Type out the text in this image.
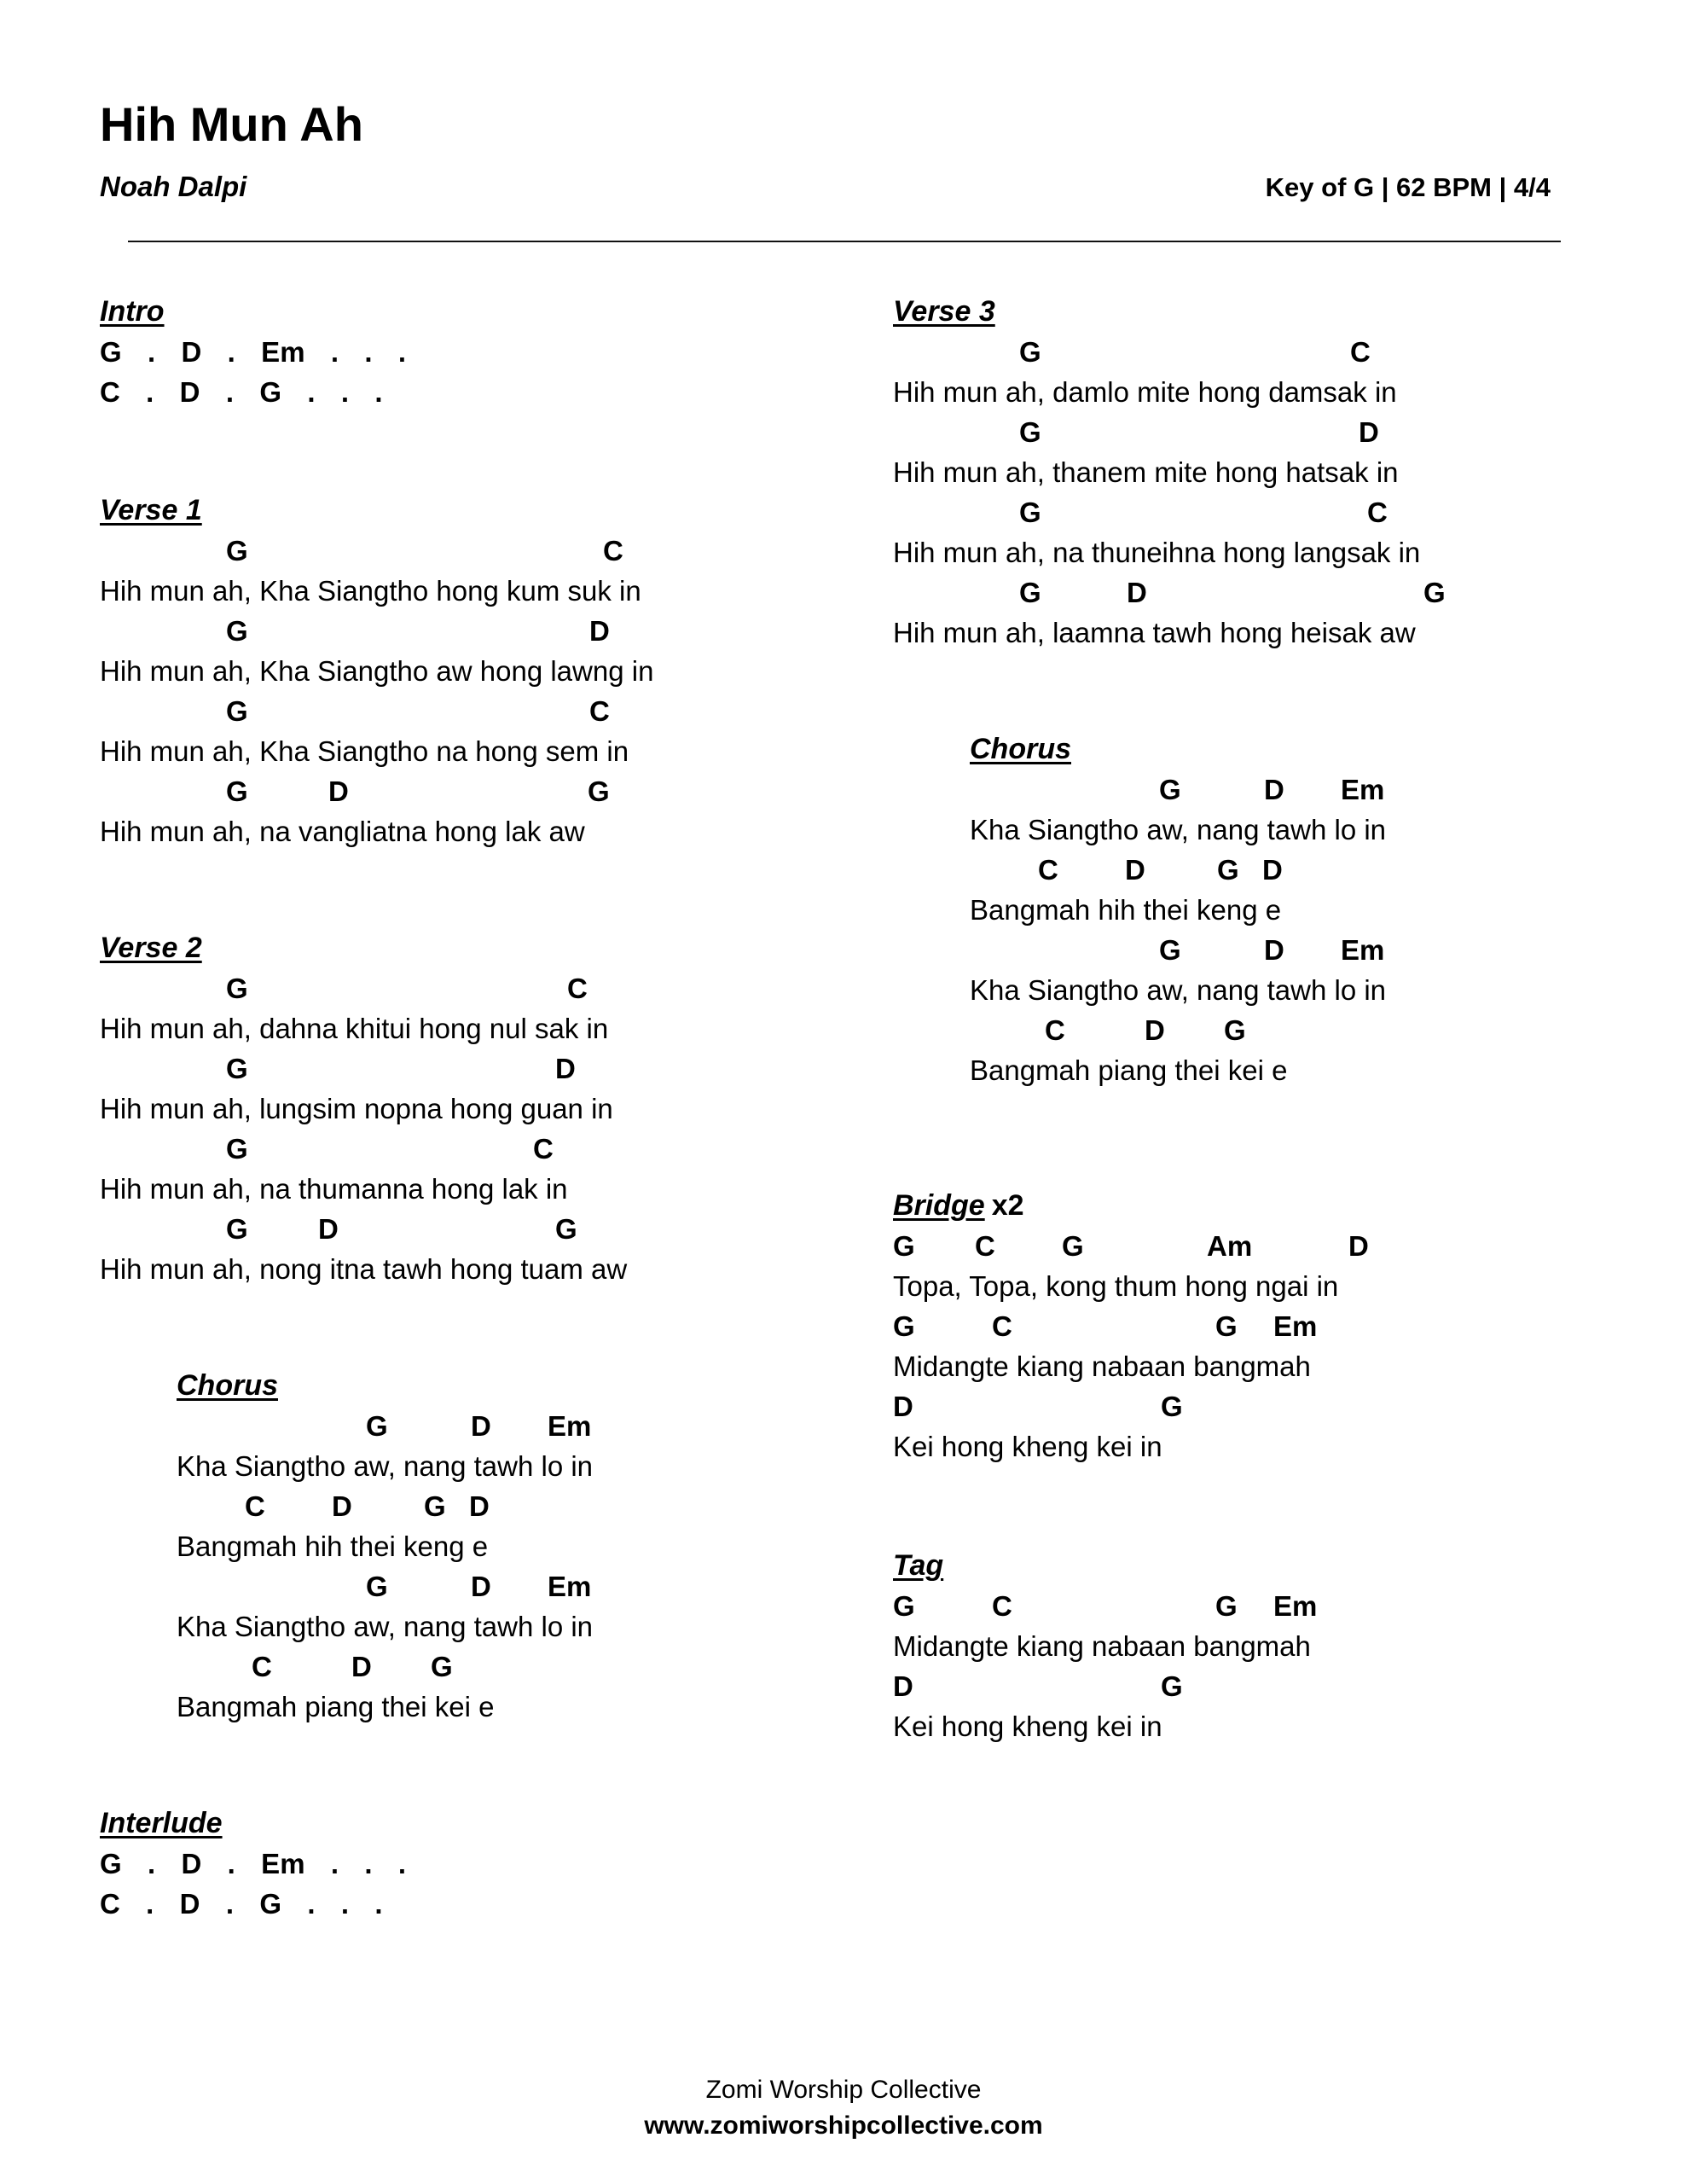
Hih Mun Ah
Noah Dalpi	Key of G | 62 BPM | 4/4
Intro
G  .  D  .  Em  .  .  .
C  .  D  .  G  .  .  .
Verse 1
G	C
Hih mun ah, Kha Siangtho hong kum suk in
G	D
Hih mun ah, Kha Siangtho aw hong lawng in
G	C
Hih mun ah, Kha Siangtho na hong sem in
G	D	G
Hih mun ah, na vangliatna hong lak aw
Verse 2
G	C
Hih mun ah, dahna khitui hong nul sak in
G	D
Hih mun ah, lungsim nopna hong guan in
G	C
Hih mun ah, na thumanna hong lak in
G D	G
Hih mun ah, nong itna tawh hong tuam aw
Chorus
G	D Em
Kha Siangtho aw, nang tawh lo in
C D	G D
Bangmah hih thei keng e
G	D Em
Kha Siangtho aw, nang tawh lo in
C	D G
Bangmah piang thei kei e
Interlude
G  .  D  .  Em  .  .  .
C  .  D  .  G  .  .  .
Verse 3
G	C
Hih mun ah, damlo mite hong damsak in
G	D
Hih mun ah, thanem mite hong hatsak in
G	C
Hih mun ah, na thuneihna hong langsak in
G	D	G
Hih mun ah, laamna tawh hong heisak aw
Chorus
G	D Em
Kha Siangtho aw, nang tawh lo in
C D	G D
Bangmah hih thei keng e
G	D Em
Kha Siangtho aw, nang tawh lo in
C	D G
Bangmah piang thei kei e
Bridge x2
G C G	Am	D
Topa, Topa, kong thum hong ngai in
G	C	G Em
Midangte kiang nabaan bangmah
D	G
Kei hong kheng kei in
Tag
G	C	G Em
Midangte kiang nabaan bangmah
D	G
Kei hong kheng kei in
Zomi Worship Collective
www.zomiworshipcollective.com
